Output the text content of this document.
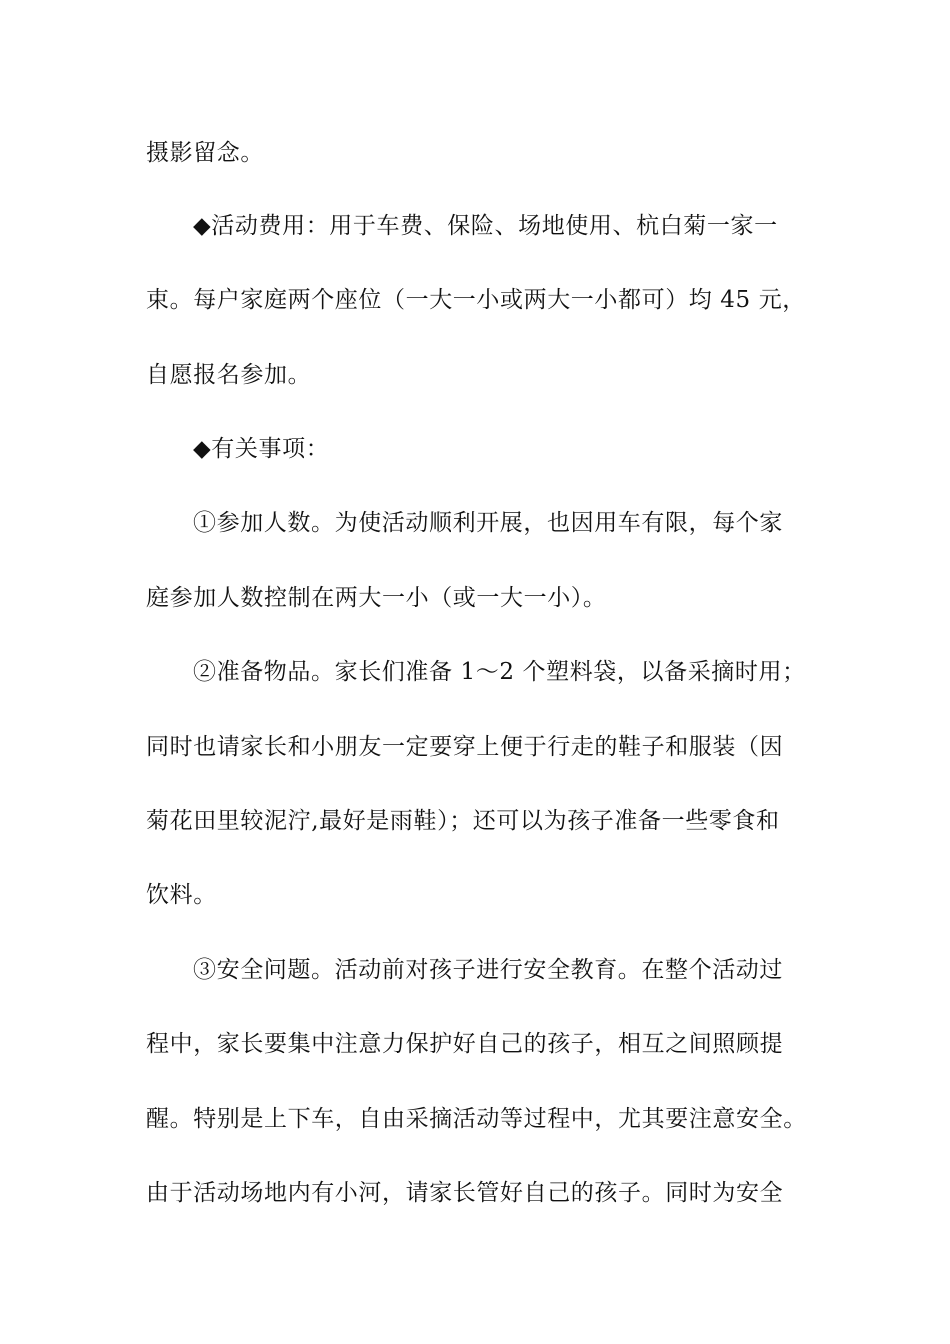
摄影留念。
◆活动费用：用于车费、保险、场地使用、杭白菊一家一
束。每户家庭两个座位（一大一小或两大一小都可）均 45 元，
自愿报名参加。
◆有关事项：
①参加人数。为使活动顺利开展，也因用车有限，每个家
庭参加人数控制在两大一小（或一大一小）。
②准备物品。家长们准备 1～2 个塑料袋，以备采摘时用；
同时也请家长和小朋友一定要穿上便于行走的鞋子和服装（因
菊花田里较泥泞,最好是雨鞋）；还可以为孩子准备一些零食和
饮料。
③安全问题。活动前对孩子进行安全教育。在整个活动过
程中，家长要集中注意力保护好自己的孩子，相互之间照顾提
醒。特别是上下车，自由采摘活动等过程中，尤其要注意安全。
由于活动场地内有小河，请家长管好自己的孩子。同时为安全
